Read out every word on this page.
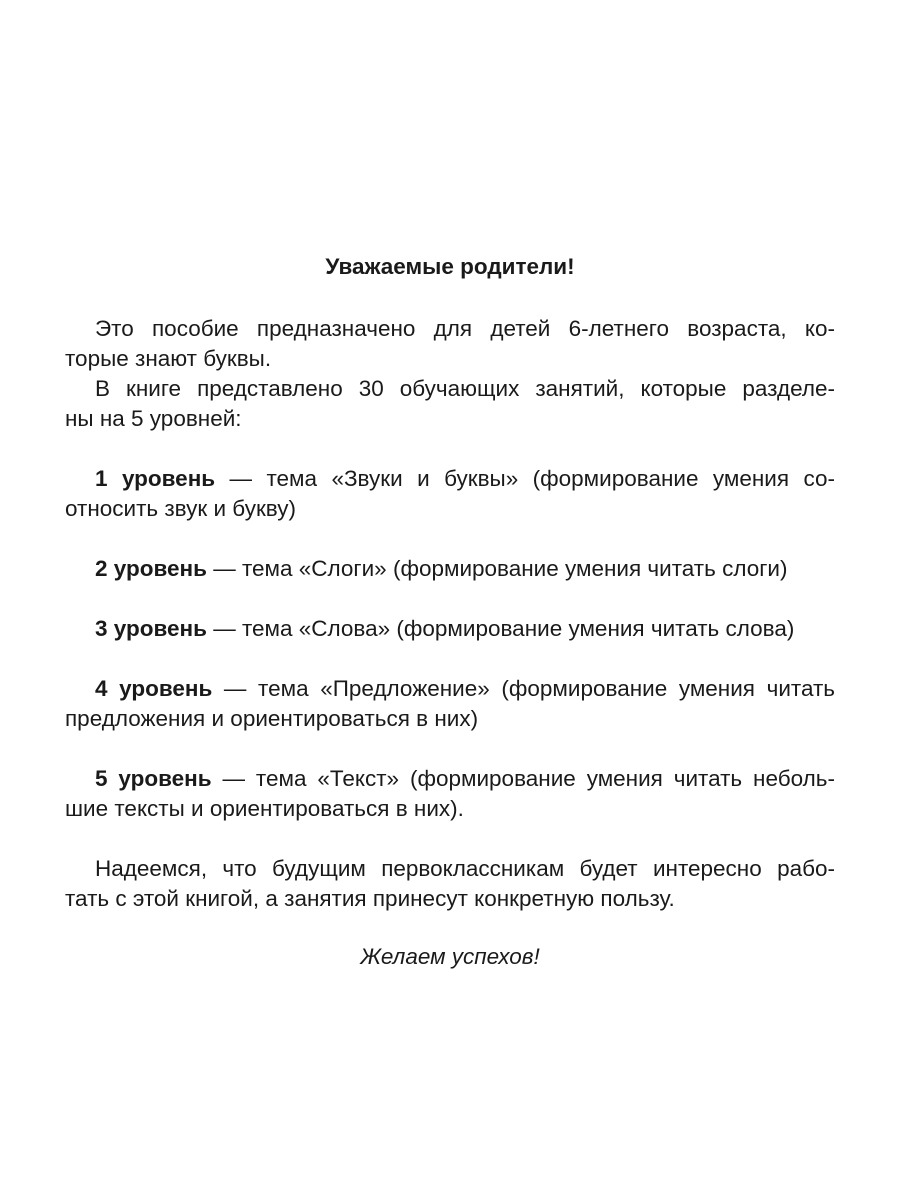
Уважаемые родители!
Это пособие предназначено для детей 6-летнего возраста, ко-
торые знают буквы.
В книге представлено 30 обучающих занятий, которые разделе-
ны на 5 уровней:
1 уровень — тема «Звуки и буквы» (формирование умения со-
относить звук и букву)
2 уровень — тема «Слоги» (формирование умения читать слоги)
3 уровень — тема «Слова» (формирование умения читать слова)
4 уровень — тема «Предложение» (формирование умения читать
предложения и ориентироваться в них)
5 уровень — тема «Текст» (формирование умения читать неболь-
шие тексты и ориентироваться в них).
Надеемся, что будущим первоклассникам будет интересно рабо-
тать с этой книгой, а занятия принесут конкретную пользу.
Желаем успехов!
